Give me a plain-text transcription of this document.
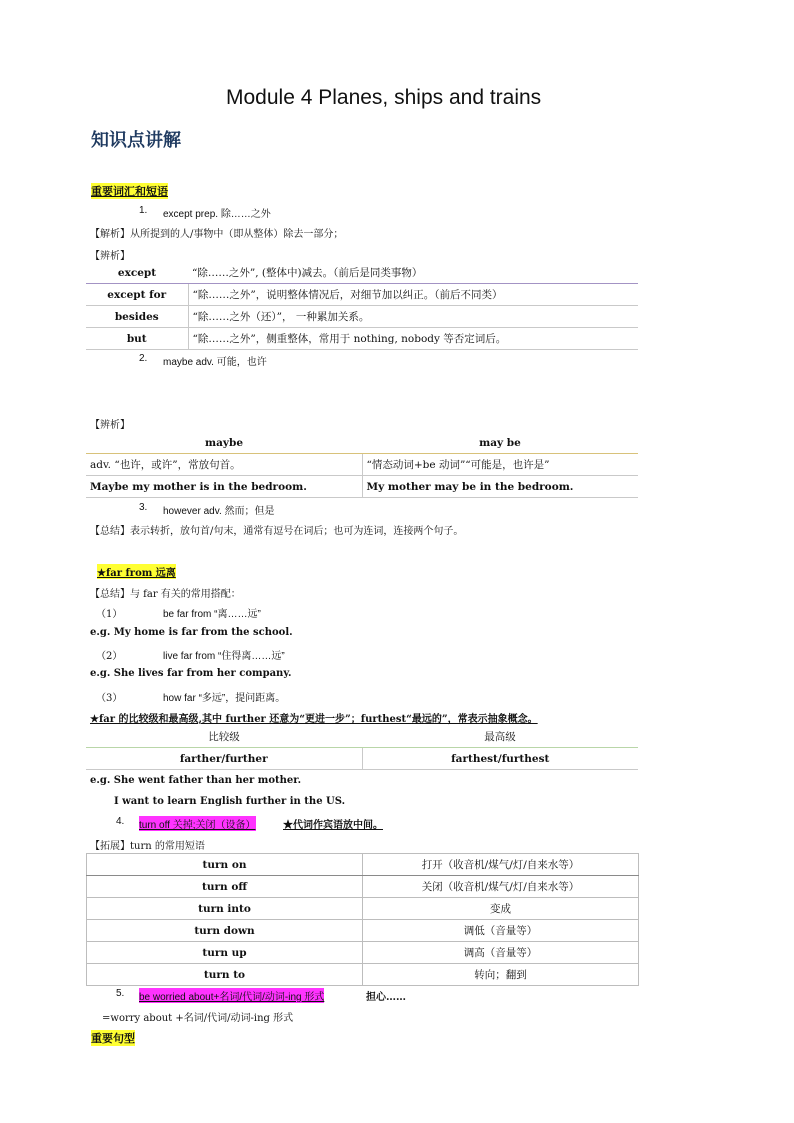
Module 4 Planes, ships and trains
知识点讲解
重要词汇和短语
1. except prep. 除……之外
【解析】从所提到的人/事物中（即从整体）除去一部分；
【辨析】
except	“除……之外”, (整体中)减去。（前后是同类事物）
except for	“除……之外”，说明整体情况后，对细节加以纠正。（前后不同类）
besides	“除……之外（还）”， 一种累加关系。
but	“除……之外”，侧重整体，常用于 nothing, nobody 等否定词后。
2. maybe adv. 可能，也许
【辨析】
maybe	may be
adv. “也许，或许”，常放句首。	“情态动词+be 动词”“可能是，也许是”
Maybe my mother is in the bedroom.	My mother may be in the bedroom.
3. however adv. 然而；但是
【总结】表示转折，放句首/句末，通常有逗号在词后；也可为连词，连接两个句子。
★far from 远离
【总结】与 far 有关的常用搭配：
（1）	be far from “离……远”
e.g. My home is far from the school.
（2）	live far from “住得离……远”
e.g. She lives far from her company.
（3）	how far “多远”，提问距离。
★far 的比较级和最高级,其中 further 还意为“更进一步”；furthest“最远的”，常表示抽象概念。
比较级	最高级
farther/further	farthest/furthest
e.g. She went father than her mother.
I want to learn English further in the US.
4. turn off 关掉;关闭（设备）	★代词作宾语放中间。
【拓展】turn 的常用短语
turn on	打开（收音机/煤气/灯/自来水等）
turn off	关闭（收音机/煤气/灯/自来水等）
turn into	变成
turn down	调低（音量等）
turn up	调高（音量等）
turn to	转向；翻到
5. be worried about+名词/代词/动词-ing 形式	担心……
=worry about +名词/代词/动词-ing 形式
重要句型
